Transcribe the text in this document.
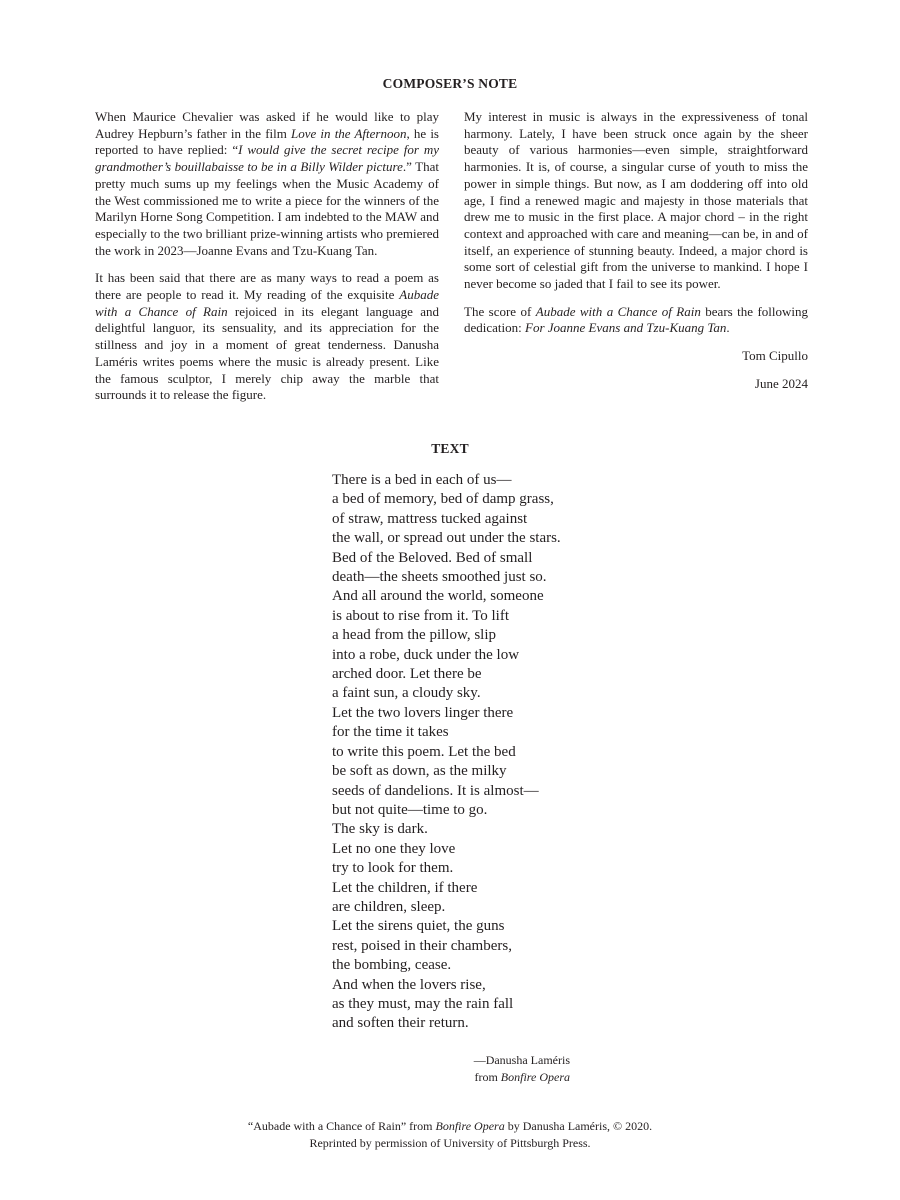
COMPOSER’S NOTE

When Maurice Chevalier was asked if he would like to play Audrey Hepburn’s father in the film Love in the Afternoon, he is reported to have replied: “I would give the secret recipe for my grandmother’s bouillabaisse to be in a Billy Wilder picture.” That pretty much sums up my feelings when the Music Academy of the West commissioned me to write a piece for the winners of the Marilyn Horne Song Competition. I am indebted to the MAW and especially to the two brilliant prize-winning artists who premiered the work in 2023—Joanne Evans and Tzu-Kuang Tan.

It has been said that there are as many ways to read a poem as there are people to read it. My reading of the exquisite Aubade with a Chance of Rain rejoiced in its elegant language and delightful languor, its sensuality, and its appreciation for the stillness and joy in a moment of great tenderness. Danusha Laméris writes poems where the music is already present. Like the famous sculptor, I merely chip away the marble that surrounds it to release the figure.

My interest in music is always in the expressiveness of tonal harmony. Lately, I have been struck once again by the sheer beauty of various harmonies—even simple, straightforward harmonies. It is, of course, a singular curse of youth to miss the power in simple things. But now, as I am doddering off into old age, I find a renewed magic and majesty in those materials that drew me to music in the first place. A major chord – in the right context and approached with care and meaning—can be, in and of itself, an experience of stunning beauty. Indeed, a major chord is some sort of celestial gift from the universe to mankind. I hope I never become so jaded that I fail to see its power.

The score of Aubade with a Chance of Rain bears the following dedication: For Joanne Evans and Tzu-Kuang Tan.

Tom Cipullo

June 2024

TEXT
There is a bed in each of us—
a bed of memory, bed of damp grass,
of straw, mattress tucked against
the wall, or spread out under the stars.
Bed of the Beloved. Bed of small
death—the sheets smoothed just so.
And all around the world, someone
is about to rise from it. To lift
a head from the pillow, slip
into a robe, duck under the low
arched door. Let there be
a faint sun, a cloudy sky.
Let the two lovers linger there
for the time it takes
to write this poem. Let the bed
be soft as down, as the milky
seeds of dandelions. It is almost—
but not quite—time to go.
The sky is dark.
Let no one they love
try to look for them.
Let the children, if there
are children, sleep.
Let the sirens quiet, the guns
rest, poised in their chambers,
the bombing, cease.
And when the lovers rise,
as they must, may the rain fall
and soften their return.
—Danusha Laméris
from Bonfire Opera
“Aubade with a Chance of Rain” from Bonfire Opera by Danusha Laméris, © 2020.
Reprinted by permission of University of Pittsburgh Press.
